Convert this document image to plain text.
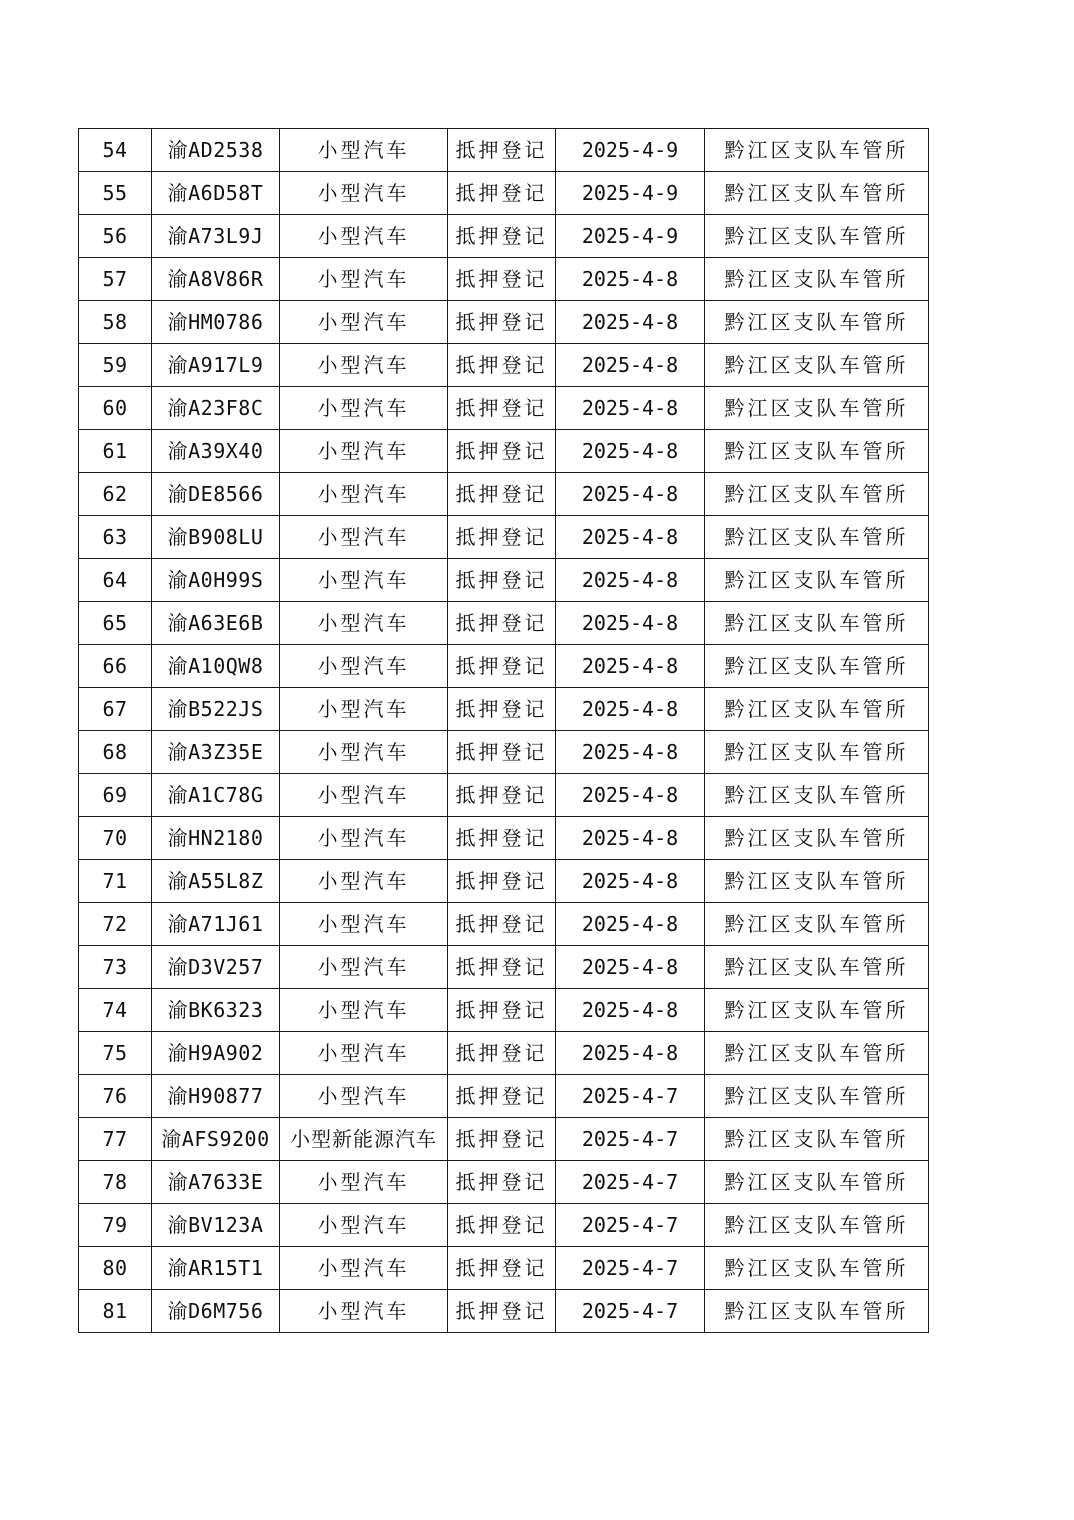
54	渝AD2538	小型汽车	抵押登记	2025-4-9	黔江区支队车管所
55	渝A6D58T	小型汽车	抵押登记	2025-4-9	黔江区支队车管所
56	渝A73L9J	小型汽车	抵押登记	2025-4-9	黔江区支队车管所
57	渝A8V86R	小型汽车	抵押登记	2025-4-8	黔江区支队车管所
58	渝HM0786	小型汽车	抵押登记	2025-4-8	黔江区支队车管所
59	渝A917L9	小型汽车	抵押登记	2025-4-8	黔江区支队车管所
60	渝A23F8C	小型汽车	抵押登记	2025-4-8	黔江区支队车管所
61	渝A39X40	小型汽车	抵押登记	2025-4-8	黔江区支队车管所
62	渝DE8566	小型汽车	抵押登记	2025-4-8	黔江区支队车管所
63	渝B908LU	小型汽车	抵押登记	2025-4-8	黔江区支队车管所
64	渝A0H99S	小型汽车	抵押登记	2025-4-8	黔江区支队车管所
65	渝A63E6B	小型汽车	抵押登记	2025-4-8	黔江区支队车管所
66	渝A10QW8	小型汽车	抵押登记	2025-4-8	黔江区支队车管所
67	渝B522JS	小型汽车	抵押登记	2025-4-8	黔江区支队车管所
68	渝A3Z35E	小型汽车	抵押登记	2025-4-8	黔江区支队车管所
69	渝A1C78G	小型汽车	抵押登记	2025-4-8	黔江区支队车管所
70	渝HN2180	小型汽车	抵押登记	2025-4-8	黔江区支队车管所
71	渝A55L8Z	小型汽车	抵押登记	2025-4-8	黔江区支队车管所
72	渝A71J61	小型汽车	抵押登记	2025-4-8	黔江区支队车管所
73	渝D3V257	小型汽车	抵押登记	2025-4-8	黔江区支队车管所
74	渝BK6323	小型汽车	抵押登记	2025-4-8	黔江区支队车管所
75	渝H9A902	小型汽车	抵押登记	2025-4-8	黔江区支队车管所
76	渝H90877	小型汽车	抵押登记	2025-4-7	黔江区支队车管所
77	渝AFS9200	小型新能源汽车	抵押登记	2025-4-7	黔江区支队车管所
78	渝A7633E	小型汽车	抵押登记	2025-4-7	黔江区支队车管所
79	渝BV123A	小型汽车	抵押登记	2025-4-7	黔江区支队车管所
80	渝AR15T1	小型汽车	抵押登记	2025-4-7	黔江区支队车管所
81	渝D6M756	小型汽车	抵押登记	2025-4-7	黔江区支队车管所
